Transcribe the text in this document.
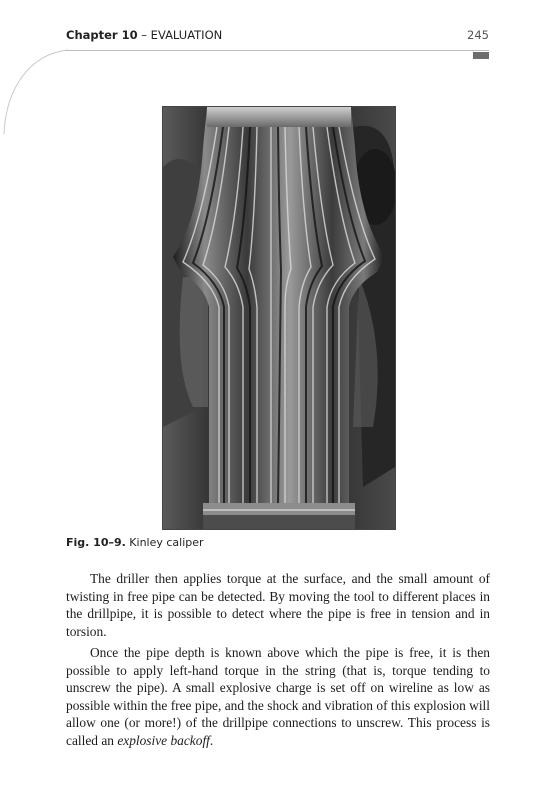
Chapter 10 – EVALUATION	245
Fig. 10–9. Kinley caliper

The driller then applies torque at the surface, and the small amount of twisting in free pipe can be detected. By moving the tool to different places in the drillpipe, it is possible to detect where the pipe is free in tension and in torsion.

Once the pipe depth is known above which the pipe is free, it is then possible to apply left-hand torque in the string (that is, torque tending to unscrew the pipe). A small explosive charge is set off on wireline as low as possible within the free pipe, and the shock and vibration of this explosion will allow one (or more!) of the drillpipe connections to unscrew. This process is called an explosive backoff.
